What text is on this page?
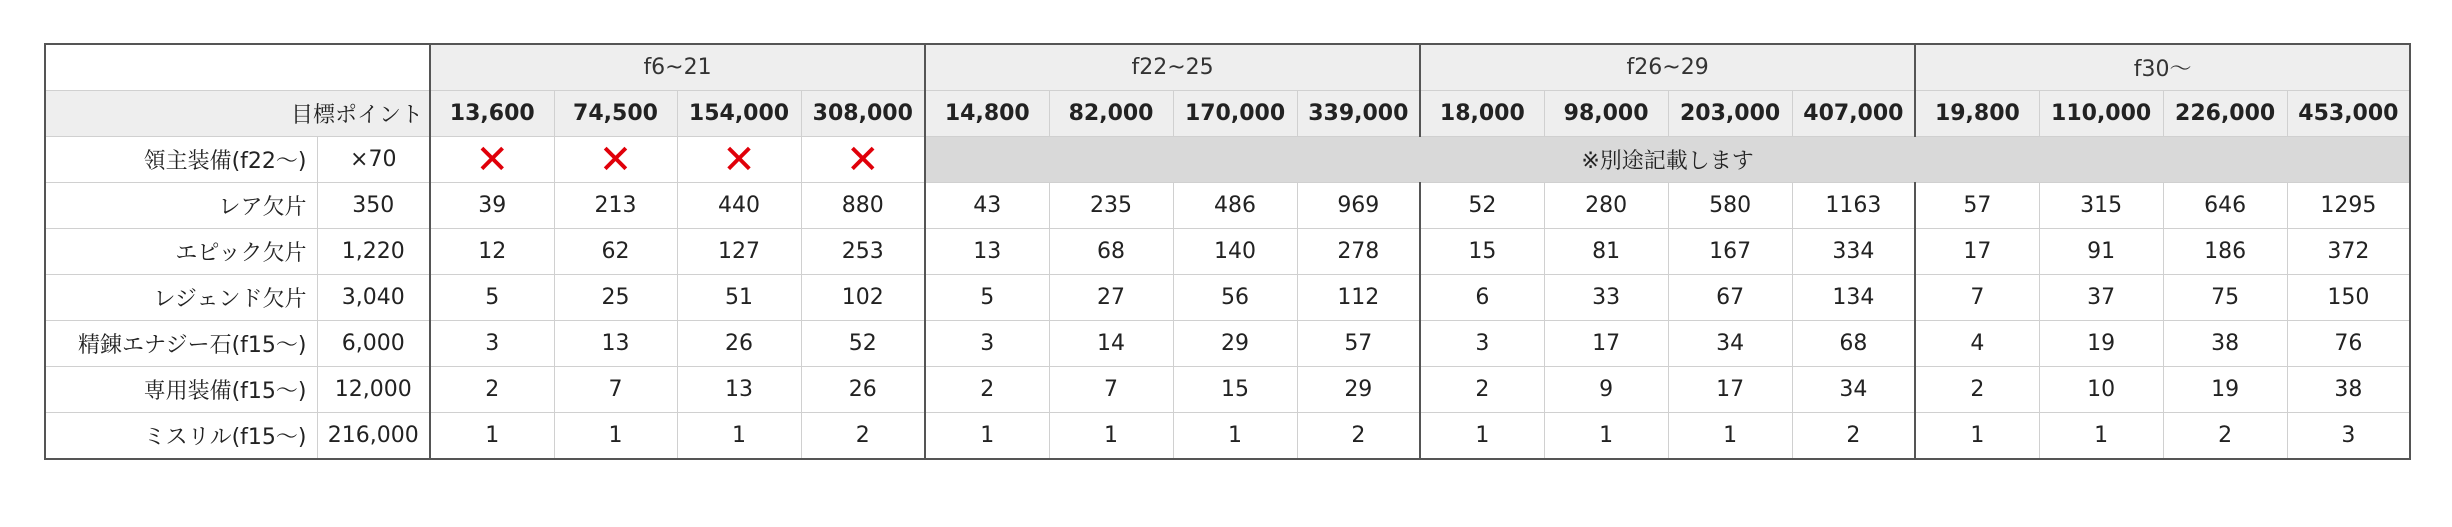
		f6~21				f22~25				f26~29				f30〜			
目標ポイント		13,600	74,500	154,000	308,000	14,800	82,000	170,000	339,000	18,000	98,000	203,000	407,000	19,800	110,000	226,000	453,000
領主装備(f22〜)	×70	✕	✕	✕	✕	※別途記載します											
レア欠片	350	39	213	440	880	43	235	486	969	52	280	580	1163	57	315	646	1295
エピック欠片	1,220	12	62	127	253	13	68	140	278	15	81	167	334	17	91	186	372
レジェンド欠片	3,040	5	25	51	102	5	27	56	112	6	33	67	134	7	37	75	150
精錬エナジー石(f15〜)	6,000	3	13	26	52	3	14	29	57	3	17	34	68	4	19	38	76
専用装備(f15〜)	12,000	2	7	13	26	2	7	15	29	2	9	17	34	2	10	19	38
ミスリル(f15〜)	216,000	1	1	1	2	1	1	1	2	1	1	1	2	1	1	2	3
